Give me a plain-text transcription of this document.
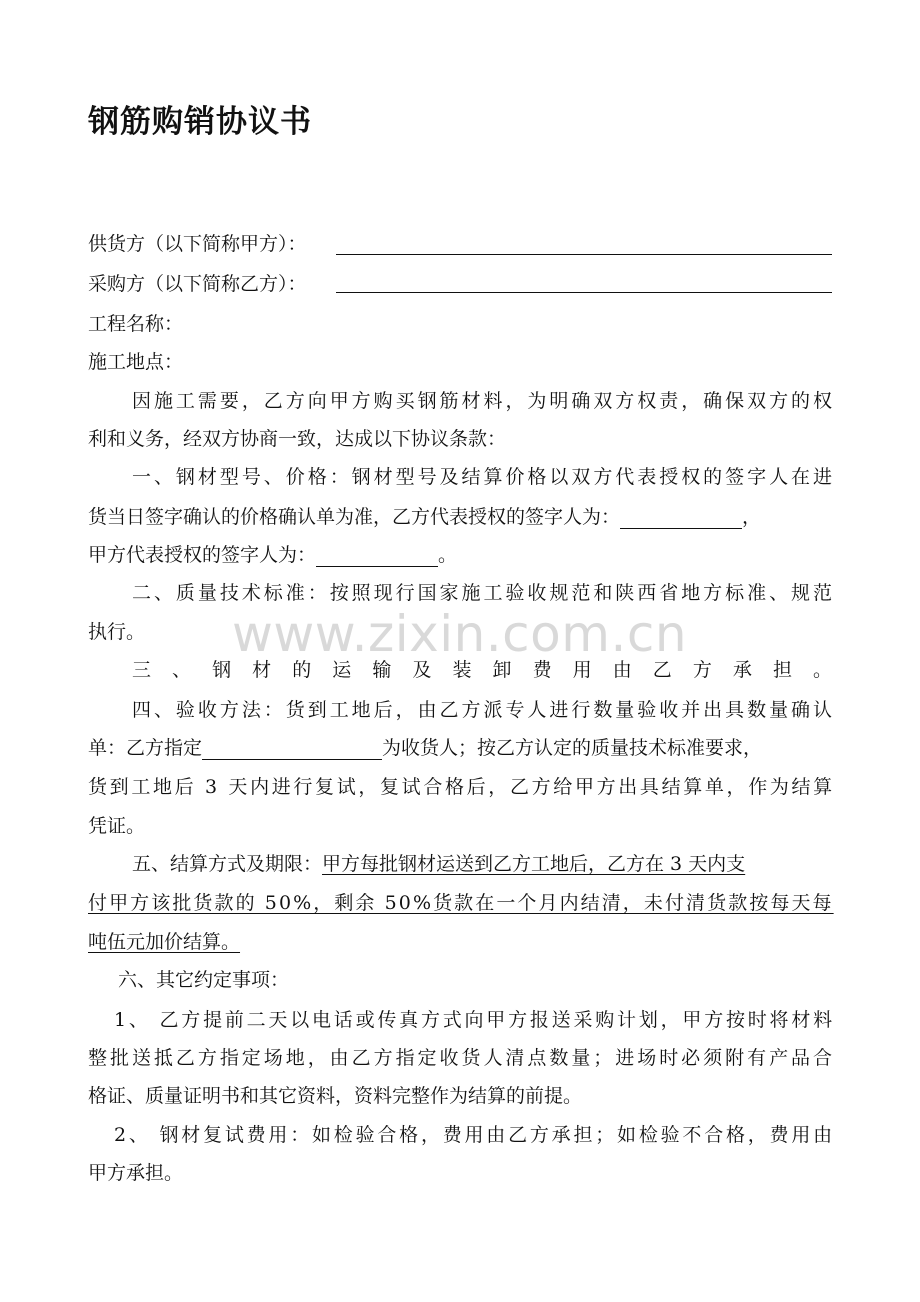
钢筋购销协议书
供货方（以下简称甲方）：
采购方（以下简称乙方）：
工程名称：
施工地点：
因施工需要，乙方向甲方购买钢筋材料，为明确双方权责，确保双方的权
利和义务，经双方协商一致，达成以下协议条款：
一、钢材型号、价格：钢材型号及结算价格以双方代表授权的签字人在进
货当日签字确认的价格确认单为准，乙方代表授权的签字人为：	，
甲方代表授权的签字人为：	。
二、质量技术标准：按照现行国家施工验收规范和陕西省地方标准、规范
执行。
三、钢材的运输及装卸费用由乙方承担。
四、验收方法：货到工地后，由乙方派专人进行数量验收并出具数量确认
单：乙方指定	为收货人；按乙方认定的质量技术标准要求，
货到工地后 3 天内进行复试，复试合格后，乙方给甲方出具结算单，作为结算
凭证。
五、结算方式及期限：甲方每批钢材运送到乙方工地后，乙方在 3 天内支
付甲方该批货款的 50%，剩余 50%货款在一个月内结清，未付清货款按每天每
吨伍元加价结算。
六、其它约定事项：
1、 乙方提前二天以电话或传真方式向甲方报送采购计划，甲方按时将材料
整批送抵乙方指定场地，由乙方指定收货人清点数量；进场时必须附有产品合
格证、质量证明书和其它资料，资料完整作为结算的前提。
2、 钢材复试费用：如检验合格，费用由乙方承担；如检验不合格，费用由
甲方承担。
www.zixin.com.cn
